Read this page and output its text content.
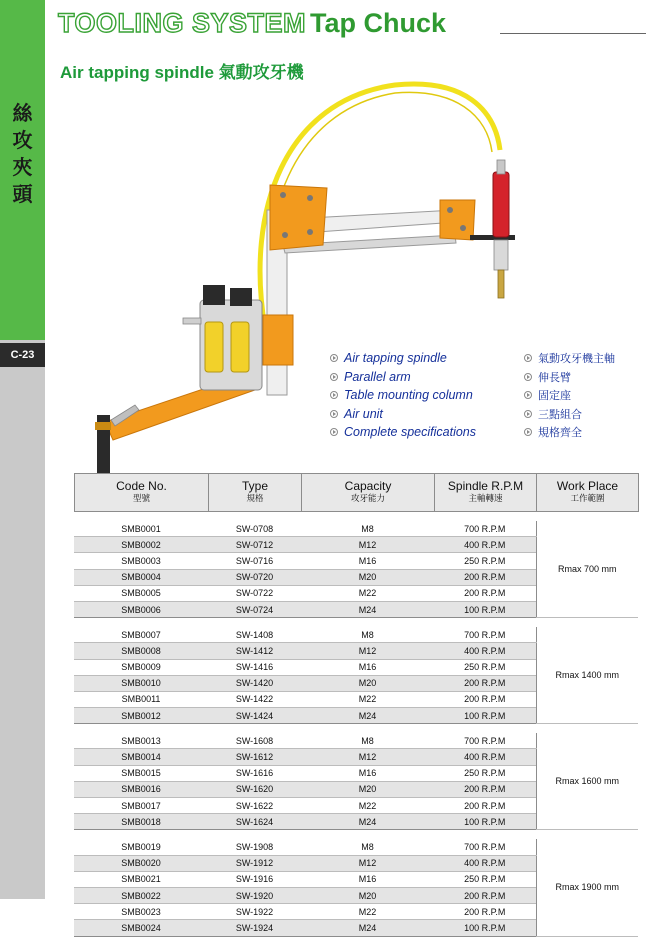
絲攻夾頭
C-23
TOOLING SYSTEM Tap Chuck
Air tapping spindle 氣動攻牙機
Air tapping spindle
Parallel arm
Table mounting column
Air unit
Complete specifications
氣動攻牙機主軸
伸長臂
固定座
三點組合
規格齊全
Code No.
型號
	Type
規格
	Capacity
攻牙能力
	Spindle R.P.M
主軸轉速
	Work Place
工作範圍
SMB0001	SW-0708	M8	700 R.P.M	Rmax 700 mm
SMB0002	SW-0712	M12	400 R.P.M	
SMB0003	SW-0716	M16	250 R.P.M	
SMB0004	SW-0720	M20	200 R.P.M	
SMB0005	SW-0722	M22	200 R.P.M	
SMB0006	SW-0724	M24	100 R.P.M	
SMB0007	SW-1408	M8	700 R.P.M	Rmax 1400 mm
SMB0008	SW-1412	M12	400 R.P.M	
SMB0009	SW-1416	M16	250 R.P.M	
SMB0010	SW-1420	M20	200 R.P.M	
SMB0011	SW-1422	M22	200 R.P.M	
SMB0012	SW-1424	M24	100 R.P.M	
SMB0013	SW-1608	M8	700 R.P.M	Rmax 1600 mm
SMB0014	SW-1612	M12	400 R.P.M	
SMB0015	SW-1616	M16	250 R.P.M	
SMB0016	SW-1620	M20	200 R.P.M	
SMB0017	SW-1622	M22	200 R.P.M	
SMB0018	SW-1624	M24	100 R.P.M	
SMB0019	SW-1908	M8	700 R.P.M	Rmax 1900 mm
SMB0020	SW-1912	M12	400 R.P.M	
SMB0021	SW-1916	M16	250 R.P.M	
SMB0022	SW-1920	M20	200 R.P.M	
SMB0023	SW-1922	M22	200 R.P.M	
SMB0024	SW-1924	M24	100 R.P.M	
